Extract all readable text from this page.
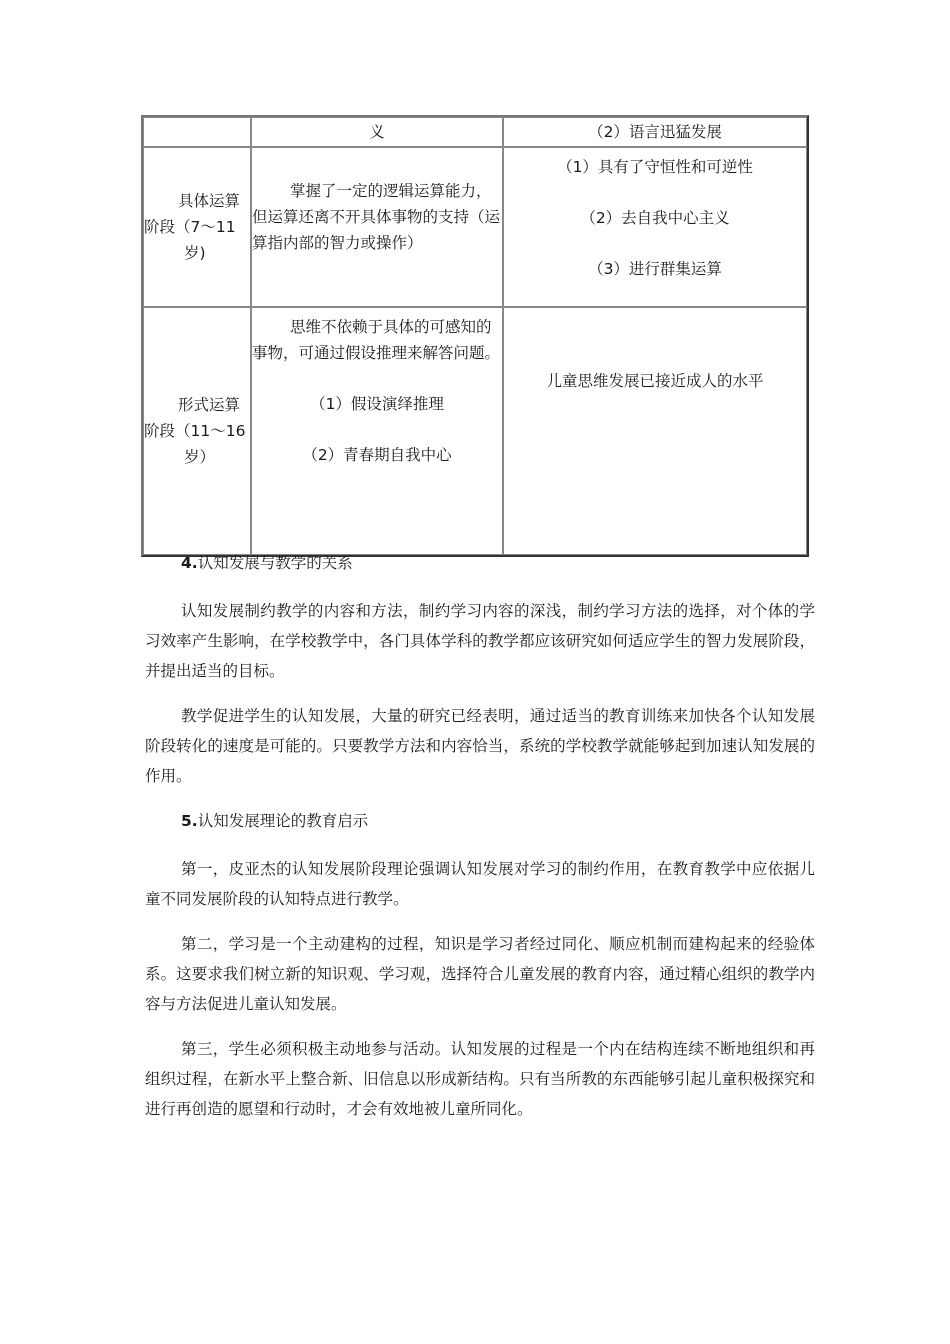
	义	（2）语言迅猛发展

具体运算
阶段（7～11
岁)	掌握了一定的逻辑运算能力，但运算还离不开具体事物的支持（运算指内部的智力或操作）	（1）具有了守恒性和可逆性
（2）去自我中心主义
（3）进行群集运算

形式运算
阶段（11～16
岁）	思维不依赖于具体的可感知的事物，可通过假设推理来解答问题。
（1）假设演绎推理
（2）青春期自我中心	儿童思维发展已接近成人的水平
4.认知发展与教学的关系

认知发展制约教学的内容和方法，制约学习内容的深浅，制约学习方法的选择，对个体的学习效率产生影响，在学校教学中，各门具体学科的教学都应该研究如何适应学生的智力发展阶段，并提出适当的目标。

教学促进学生的认知发展，大量的研究已经表明，通过适当的教育训练来加快各个认知发展阶段转化的速度是可能的。只要教学方法和内容恰当，系统的学校教学就能够起到加速认知发展的作用。

5.认知发展理论的教育启示

第一，皮亚杰的认知发展阶段理论强调认知发展对学习的制约作用，在教育教学中应依据儿童不同发展阶段的认知特点进行教学。

第二，学习是一个主动建构的过程，知识是学习者经过同化、顺应机制而建构起来的经验体系。这要求我们树立新的知识观、学习观，选择符合儿童发展的教育内容，通过精心组织的教学内容与方法促进儿童认知发展。

第三，学生必须积极主动地参与活动。认知发展的过程是一个内在结构连续不断地组织和再组织过程，在新水平上整合新、旧信息以形成新结构。只有当所教的东西能够引起儿童积极探究和进行再创造的愿望和行动时，才会有效地被儿童所同化。
